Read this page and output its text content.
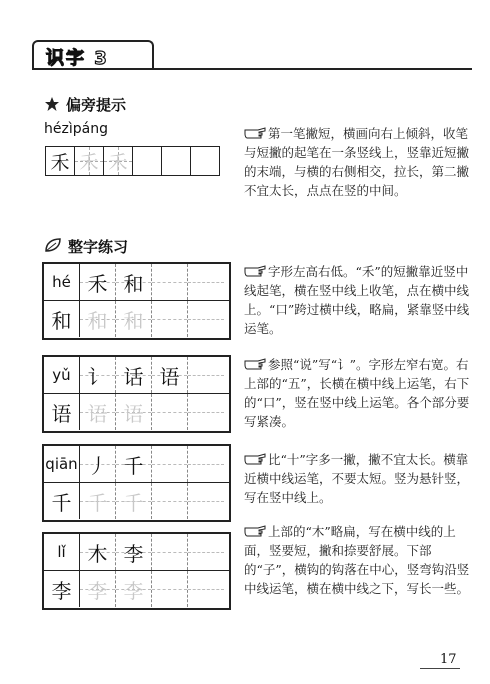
识字 3
偏旁提示
hézìpáng
禾 禾 禾
第一笔撇短，横画向右上倾斜，收笔与短撇的起笔在一条竖线上，竖靠近短撇的末端，与横的右侧相交，拉长，第二撇不宜太长，点点在竖的中间。
整字练习
hé 禾 和
和 和 和
字形左高右低。“禾”的短撇靠近竖中线起笔，横在竖中线上收笔，点在横中线上。“口”跨过横中线，略扁，紧靠竖中线运笔。
yǔ 讠 话 语
语 语 语
参照“说”写“讠”。字形左窄右宽。右上部的“五”，长横在横中线上运笔，右下的“口”，竖在竖中线上运笔。各个部分要写紧凑。
qiān 丿 千
千 千 千
比“十”字多一撇，撇不宜太长。横靠近横中线运笔，不要太短。竖为悬针竖，写在竖中线上。
lǐ 木 李
李 李 李
上部的“木”略扁，写在横中线的上面，竖要短，撇和捺要舒展。下部的“子”，横钩的钩落在中心，竖弯钩沿竖中线运笔，横在横中线之下，写长一些。
17
